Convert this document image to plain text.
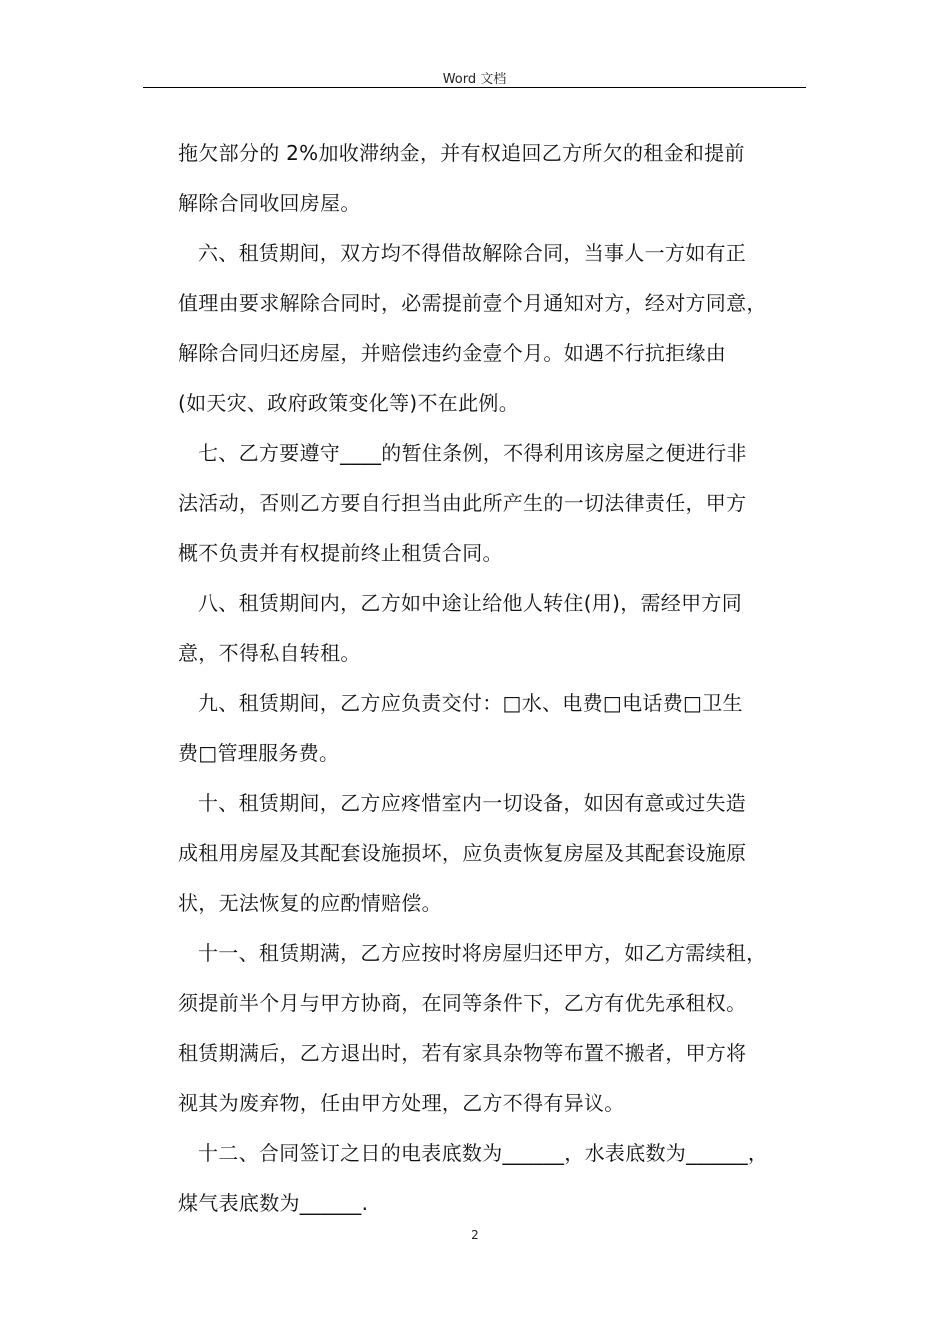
Word 文档
拖欠部分的 2%加收滞纳金，并有权追回乙方所欠的租金和提前
解除合同收回房屋。
六、租赁期间，双方均不得借故解除合同，当事人一方如有正
值理由要求解除合同时，必需提前壹个月通知对方，经对方同意，
解除合同归还房屋，并赔偿违约金壹个月。如遇不行抗拒缘由
(如天灾、政府政策变化等)不在此例。
七、乙方要遵守____的暂住条例，不得利用该房屋之便进行非
法活动，否则乙方要自行担当由此所产生的一切法律责任，甲方
概不负责并有权提前终止租赁合同。
八、租赁期间内，乙方如中途让给他人转住(用)，需经甲方同
意，不得私自转租。
九、租赁期间，乙方应负责交付：□水、电费□电话费□卫生
费□管理服务费。
十、租赁期间，乙方应疼惜室内一切设备，如因有意或过失造
成租用房屋及其配套设施损坏，应负责恢复房屋及其配套设施原
状，无法恢复的应酌情赔偿。
十一、租赁期满，乙方应按时将房屋归还甲方，如乙方需续租，
须提前半个月与甲方协商，在同等条件下，乙方有优先承租权。
租赁期满后，乙方退出时，若有家具杂物等布置不搬者，甲方将
视其为废弃物，任由甲方处理，乙方不得有异议。
十二、合同签订之日的电表底数为______，水表底数为______，
煤气表底数为______.
2
